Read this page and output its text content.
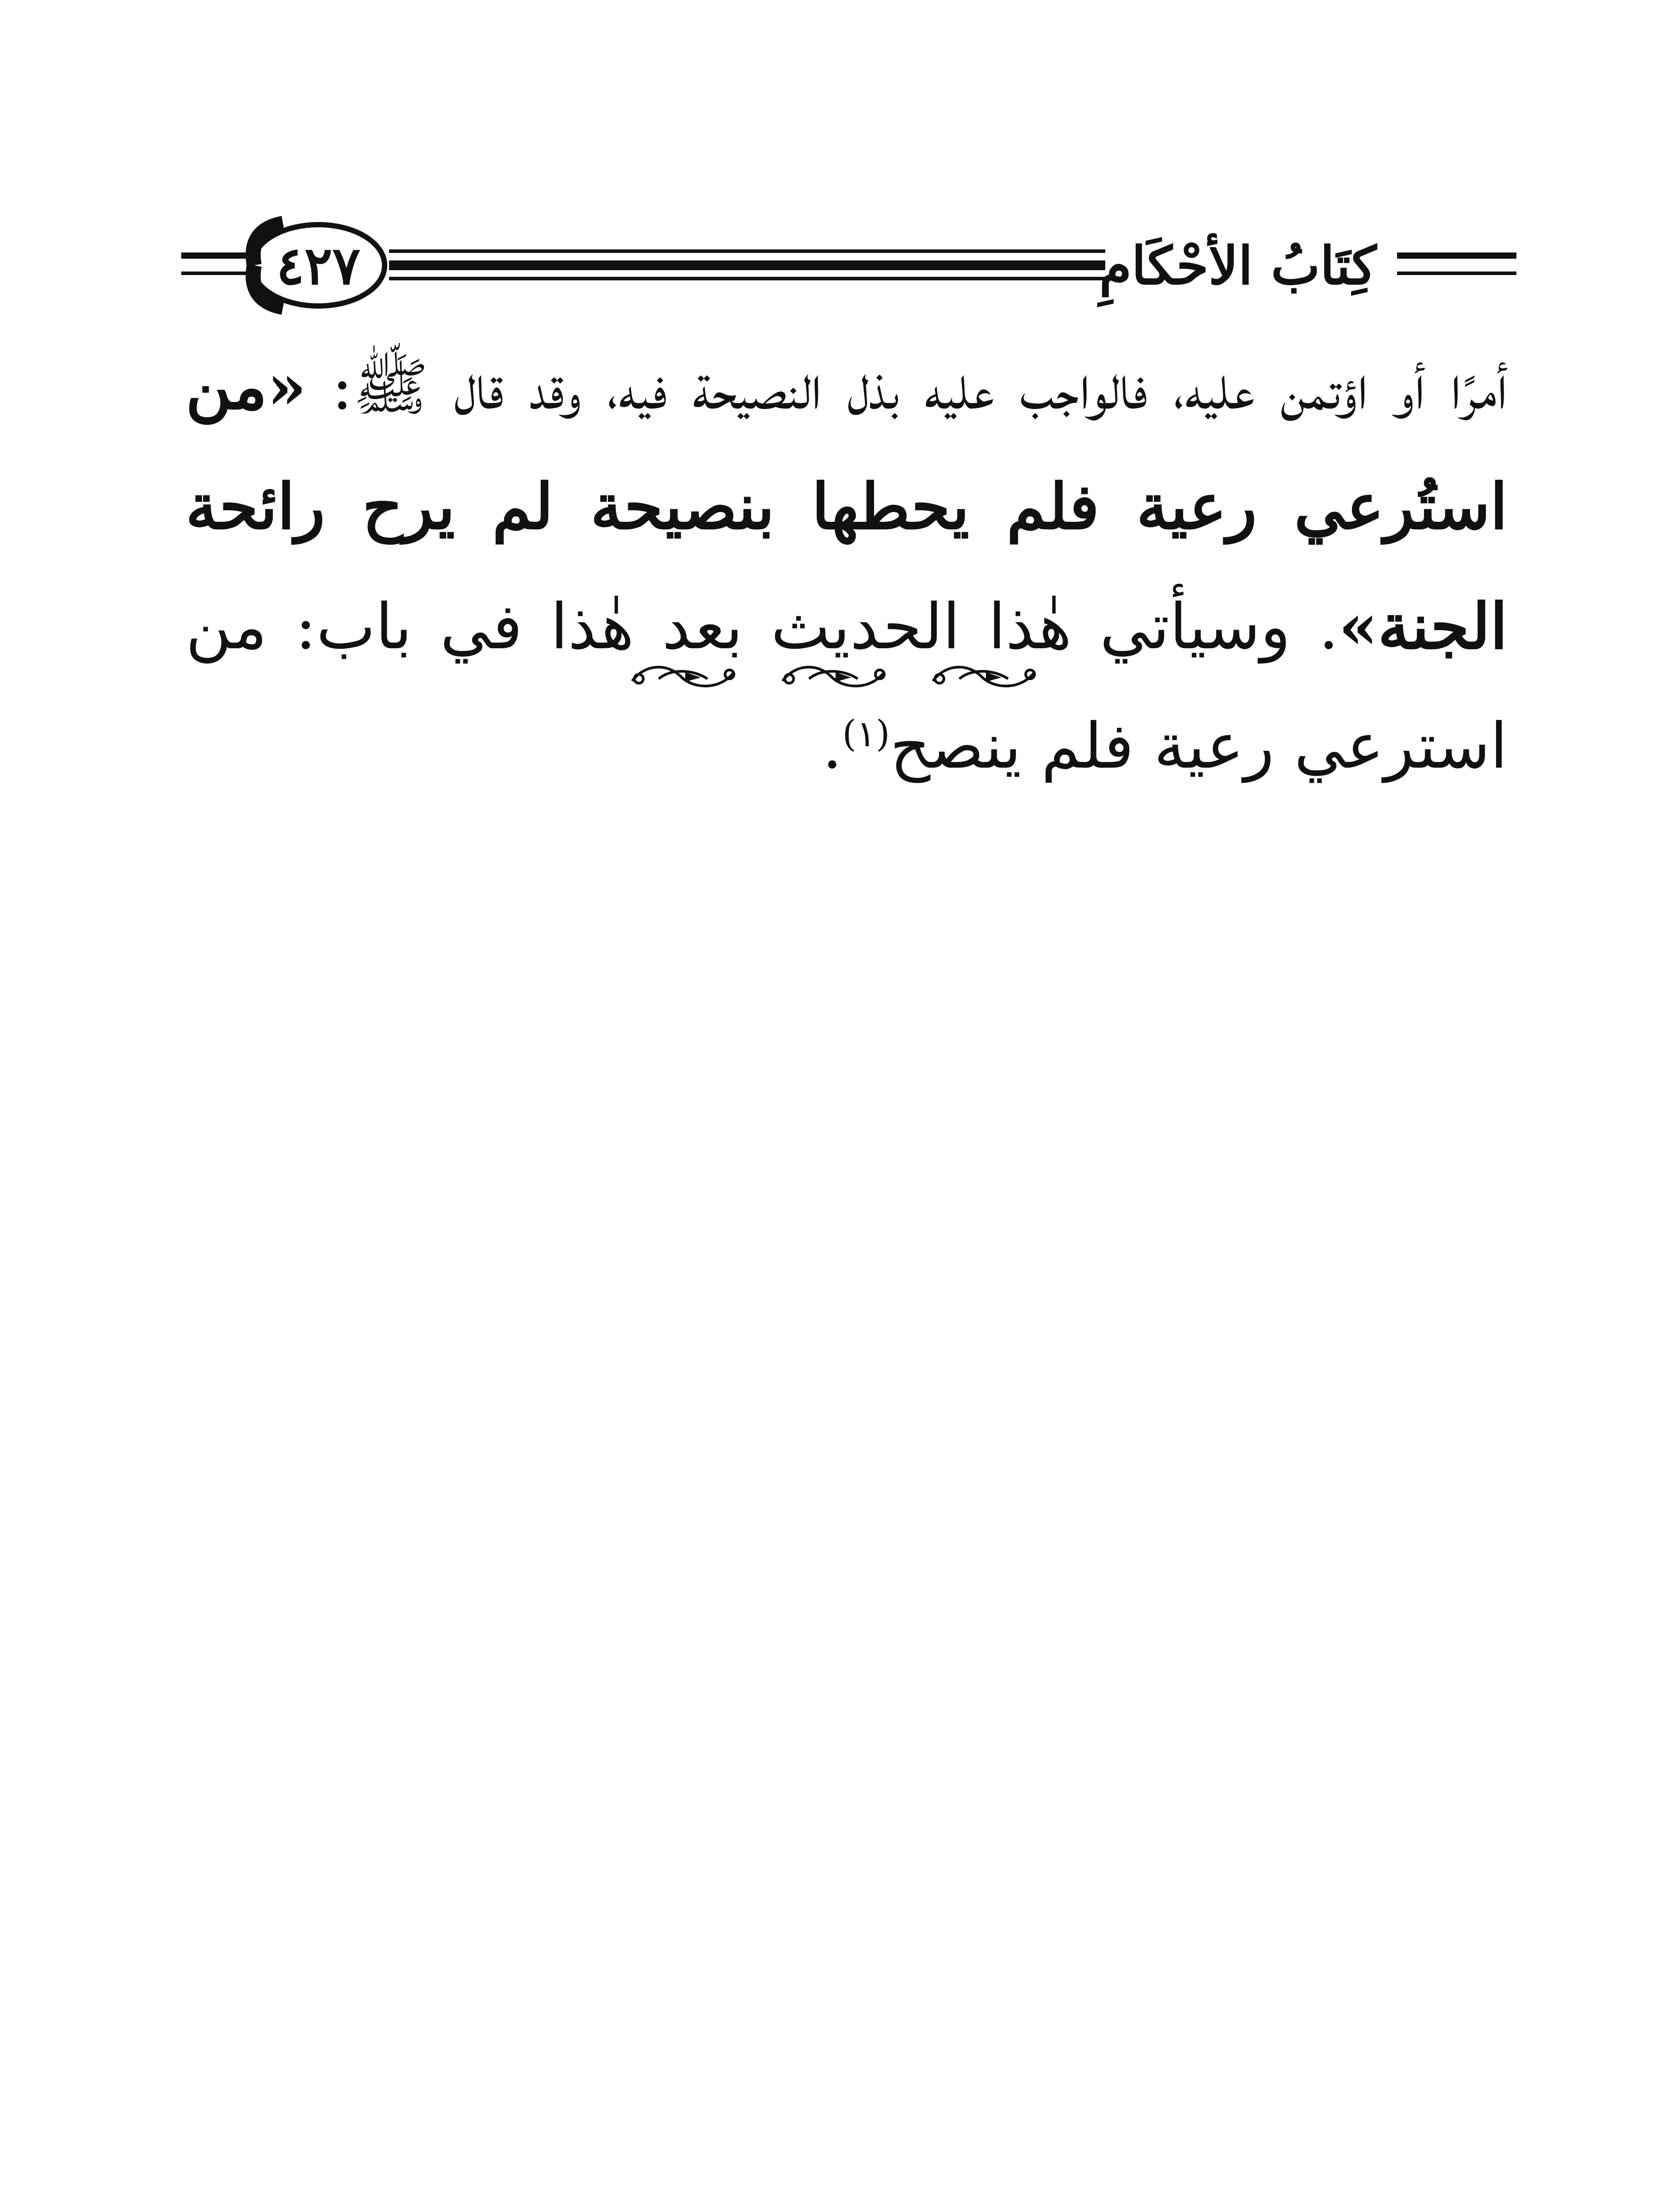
٤٢٧	كِتَابُ الأحْكَامِ
أمرًا أو اؤتمن عليه، فالواجب عليه بذل النصيحة فيه، وقد قال ﷺ: «من استُرعي رعية فلم يحطها بنصيحة لم يرح رائحة الجنة». وسيأتي هٰذا الحديث بعد هٰذا في باب: من استرعي رعية فلم ينصح$^{(١)}$.
